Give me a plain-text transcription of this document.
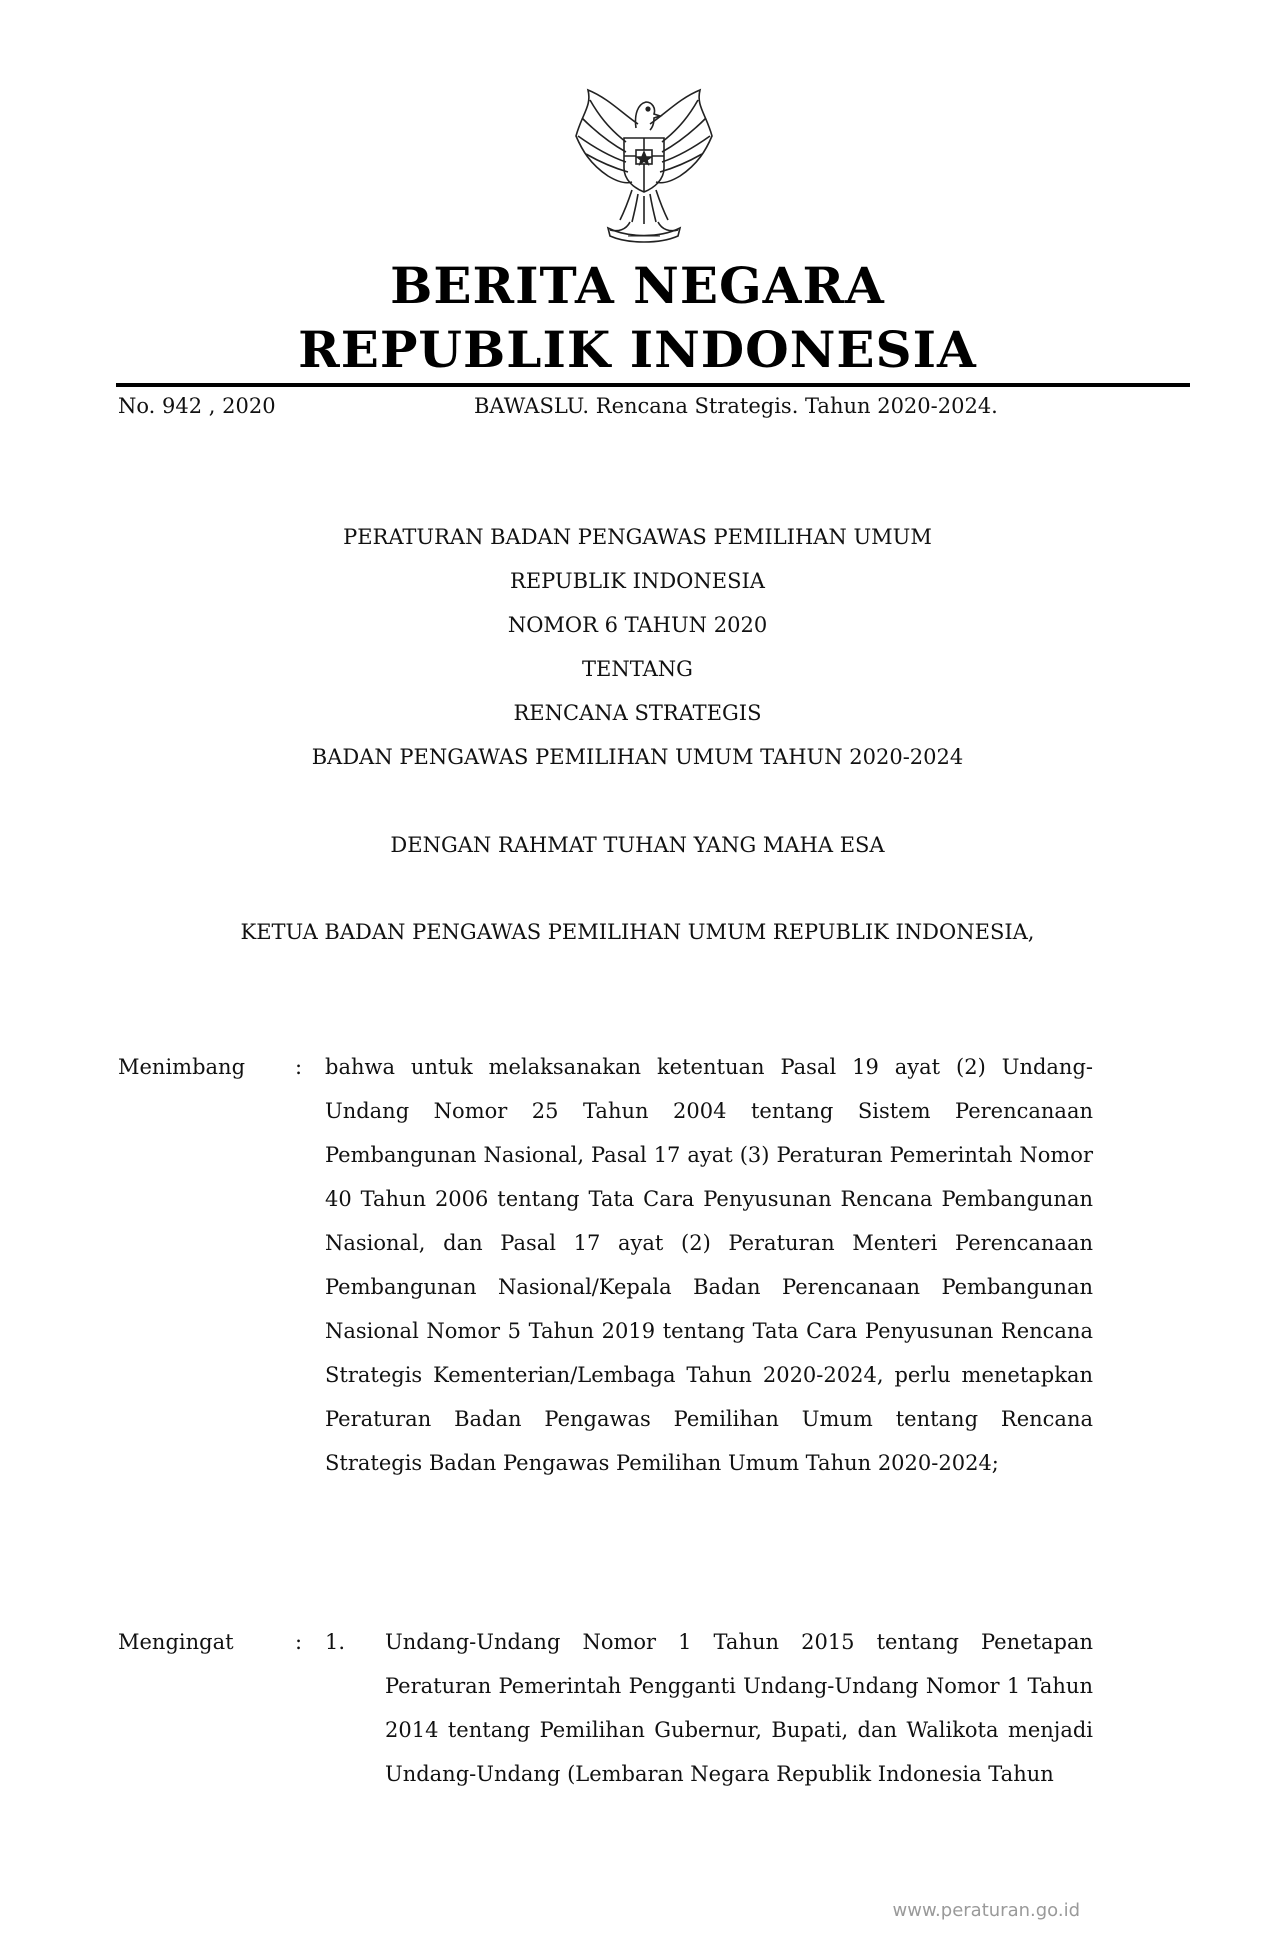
BERITA NEGARA
REPUBLIK INDONESIA
No. 942 , 2020	BAWASLU. Rencana Strategis. Tahun 2020-2024.
PERATURAN BADAN PENGAWAS PEMILIHAN UMUM
REPUBLIK INDONESIA
NOMOR 6 TAHUN 2020
TENTANG
RENCANA STRATEGIS
BADAN PENGAWAS PEMILIHAN UMUM TAHUN 2020-2024
DENGAN RAHMAT TUHAN YANG MAHA ESA
KETUA BADAN PENGAWAS PEMILIHAN UMUM REPUBLIK INDONESIA,
Menimbang : bahwa untuk melaksanakan ketentuan Pasal 19 ayat (2) Undang-Undang Nomor 25 Tahun 2004 tentang Sistem Perencanaan Pembangunan Nasional, Pasal 17 ayat (3) Peraturan Pemerintah Nomor 40 Tahun 2006 tentang Tata Cara Penyusunan Rencana Pembangunan Nasional, dan Pasal 17 ayat (2) Peraturan Menteri Perencanaan Pembangunan Nasional/Kepala Badan Perencanaan Pembangunan Nasional Nomor 5 Tahun 2019 tentang Tata Cara Penyusunan Rencana Strategis Kementerian/Lembaga Tahun 2020-2024, perlu menetapkan Peraturan Badan Pengawas Pemilihan Umum tentang Rencana Strategis Badan Pengawas Pemilihan Umum Tahun 2020-2024;
Mengingat	: 1. Undang-Undang Nomor 1 Tahun 2015 tentang Penetapan Peraturan Pemerintah Pengganti Undang-Undang Nomor 1 Tahun 2014 tentang Pemilihan Gubernur, Bupati, dan Walikota menjadi Undang-Undang (Lembaran Negara Republik Indonesia Tahun
www.peraturan.go.id
